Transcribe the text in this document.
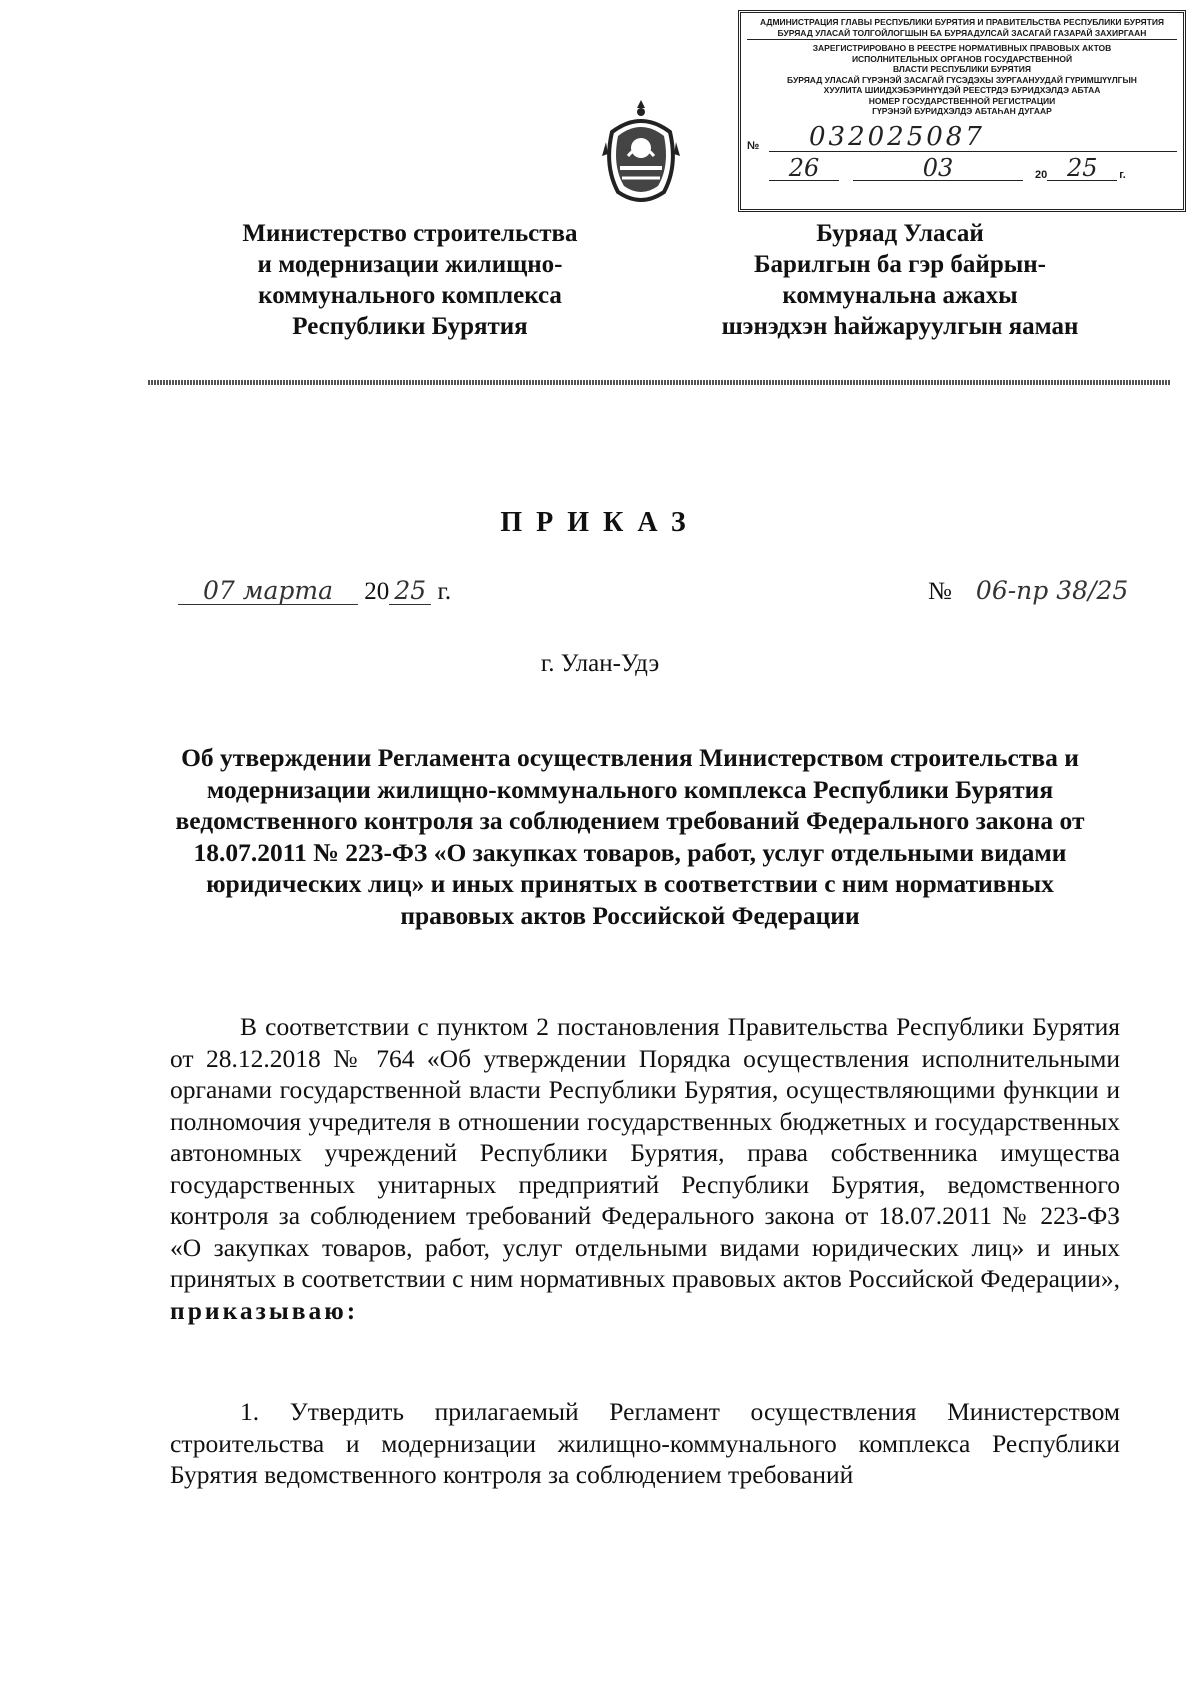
АДМИНИСТРАЦИЯ ГЛАВЫ РЕСПУБЛИКИ БУРЯТИЯ И ПРАВИТЕЛЬСТВА РЕСПУБЛИКИ БУРЯТИЯ
БУРЯАД УЛАСАЙ ТОЛГОЙЛОГШЫН БА БУРЯАДУЛСАЙ ЗАСАГАЙ ГАЗАРАЙ ЗАХИРГААН
ЗАРЕГИСТРИРОВАНО В РЕЕСТРЕ НОРМАТИВНЫХ ПРАВОВЫХ АКТОВ
ИСПОЛНИТЕЛЬНЫХ ОРГАНОВ ГОСУДАРСТВЕННОЙ
ВЛАСТИ РЕСПУБЛИКИ БУРЯТИЯ
БУРЯАД УЛАСАЙ ГҮРЭНЭЙ ЗАСАГАЙ ГҮСЭДЭХЫ ЗУРГААНУУДАЙ ГҮРИМШҮҮЛГЫН
ХУУЛИТА ШИИДХЭБЭРИНҮҮДЭЙ РЕЕСТРДЭ БУРИДХЭЛДЭ АБТАА
НОМЕР ГОСУДАРСТВЕННОЙ РЕГИСТРАЦИИ
ГҮРЭНЭЙ БУРИДХЭЛДЭ АБТАҺАН ДУГААР
№	032025087
26	03	20 25	г.
Министерство строительства
и модернизации жилищно-
коммунального комплекса
Республики Бурятия
Буряад Уласай
Барилгын ба гэр байрын-
коммунальна ажахы
шэнэдхэн һайжаруулгын яаман
ПРИКАЗ
07 марта 20 25 г.	№ 06-пр 38/25
г. Улан-Удэ
Об утверждении Регламента осуществления Министерством строительства и модернизации жилищно-коммунального комплекса Республики Бурятия ведомственного контроля за соблюдением требований Федерального закона от 18.07.2011 № 223-ФЗ «О закупках товаров, работ, услуг отдельными видами юридических лиц» и иных принятых в соответствии с ним нормативных правовых актов Российской Федерации
В соответствии с пунктом 2 постановления Правительства Республики Бурятия от 28.12.2018 № 764 «Об утверждении Порядка осуществления исполнительными органами государственной власти Республики Бурятия, осуществляющими функции и полномочия учредителя в отношении государственных бюджетных и государственных автономных учреждений Республики Бурятия, права собственника имущества государственных унитарных предприятий Республики Бурятия, ведомственного контроля за соблюдением требований Федерального закона от 18.07.2011 № 223-ФЗ «О закупках товаров, работ, услуг отдельными видами юридических лиц» и иных принятых в соответствии с ним нормативных правовых актов Российской Федерации», приказываю:
1. Утвердить прилагаемый Регламент осуществления Министерством строительства и модернизации жилищно-коммунального комплекса Республики Бурятия ведомственного контроля за соблюдением требований
